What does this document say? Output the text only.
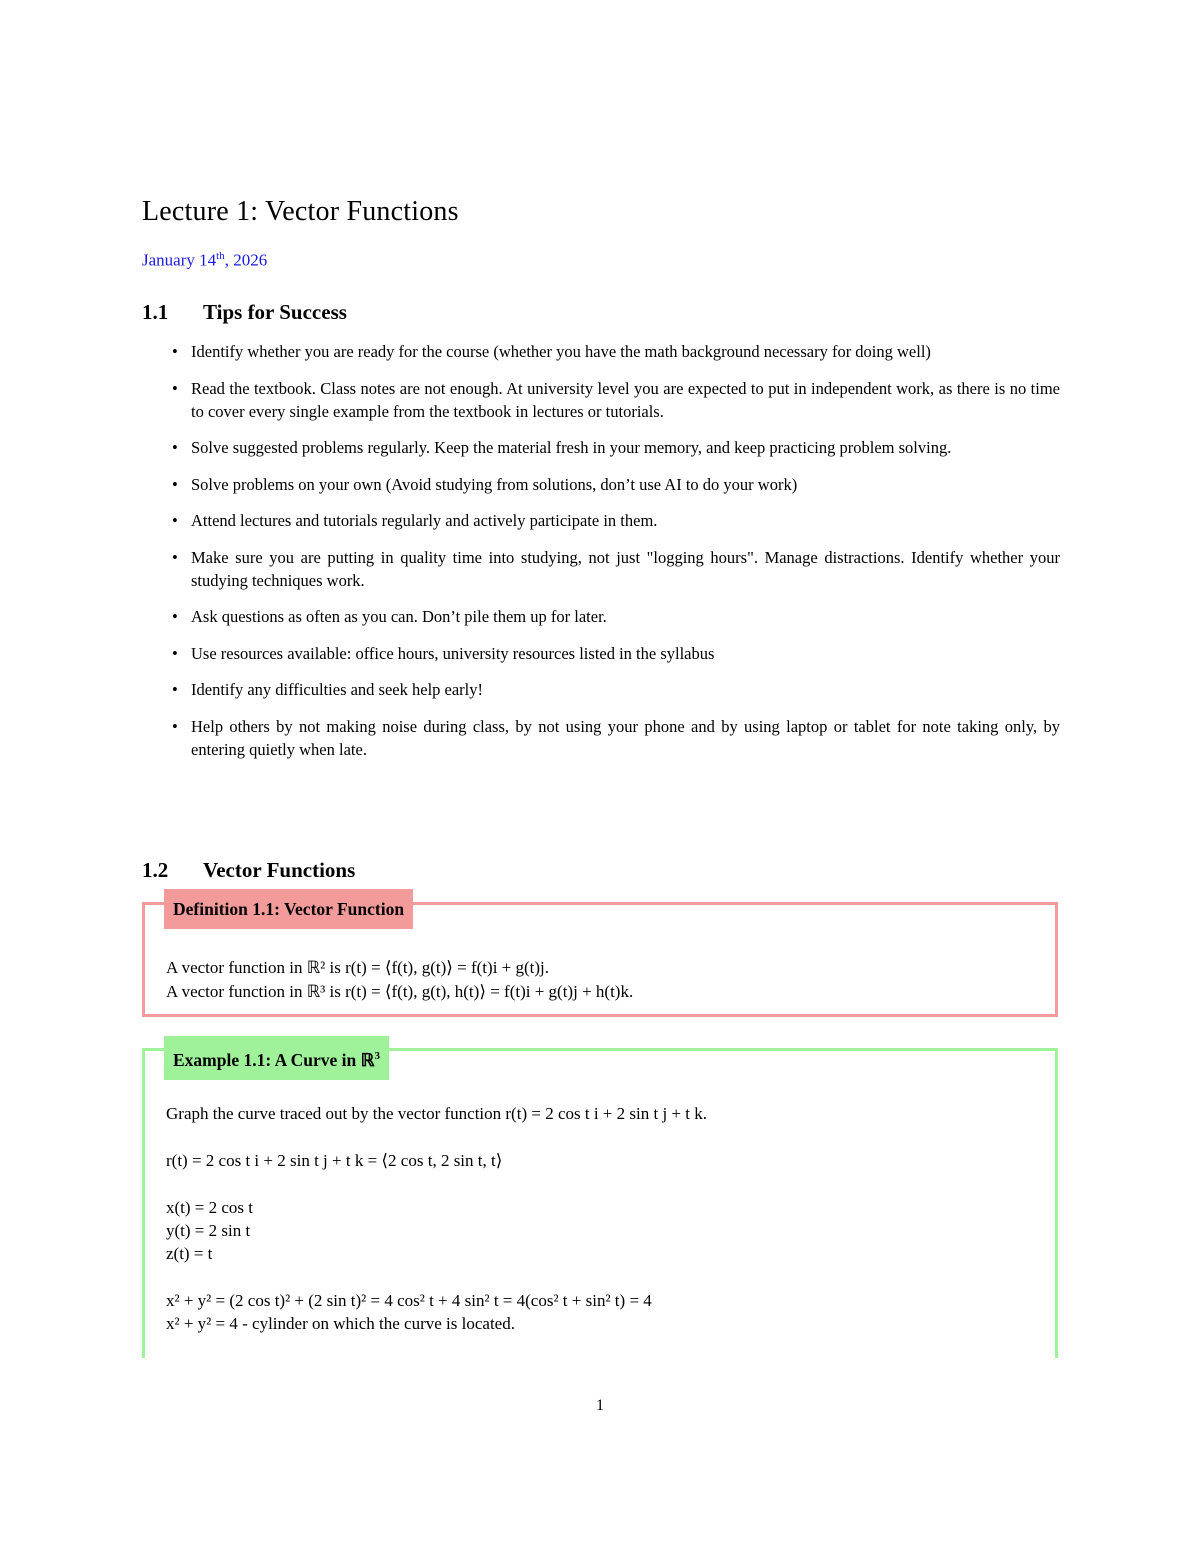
Lecture 1: Vector Functions
January 14th, 2026
1.1 Tips for Success
• Identify whether you are ready for the course (whether you have the math background necessary for doing well)
• Read the textbook. Class notes are not enough. At university level you are expected to put in independent work, as there is no time to cover every single example from the textbook in lectures or tutorials.
• Solve suggested problems regularly. Keep the material fresh in your memory, and keep practicing problem solving.
• Solve problems on your own (Avoid studying from solutions, don’t use AI to do your work)
• Attend lectures and tutorials regularly and actively participate in them.
• Make sure you are putting in quality time into studying, not just "logging hours". Manage distractions. Identify whether your studying techniques work.
• Ask questions as often as you can. Don’t pile them up for later.
• Use resources available: office hours, university resources listed in the syllabus
• Identify any difficulties and seek help early!
• Help others by not making noise during class, by not using your phone and by using laptop or tablet for note taking only, by entering quietly when late.
1.2 Vector Functions
Definition 1.1: Vector Function
A vector function in ℝ² is r(t) = ⟨f(t), g(t)⟩ = f(t)i + g(t)j.
A vector function in ℝ³ is r(t) = ⟨f(t), g(t), h(t)⟩ = f(t)i + g(t)j + h(t)k.
Example 1.1: A Curve in ℝ$^3$
Graph the curve traced out by the vector function r(t) = 2 cos t i + 2 sin t j + t k.
r(t) = 2 cos t i + 2 sin t j + t k = ⟨2 cos t, 2 sin t, t⟩
x(t) = 2 cos t
y(t) = 2 sin t
z(t) = t
x² + y² = (2 cos t)² + (2 sin t)² = 4 cos² t + 4 sin² t = 4(cos² t + sin² t) = 4
x² + y² = 4 - cylinder on which the curve is located.
1
